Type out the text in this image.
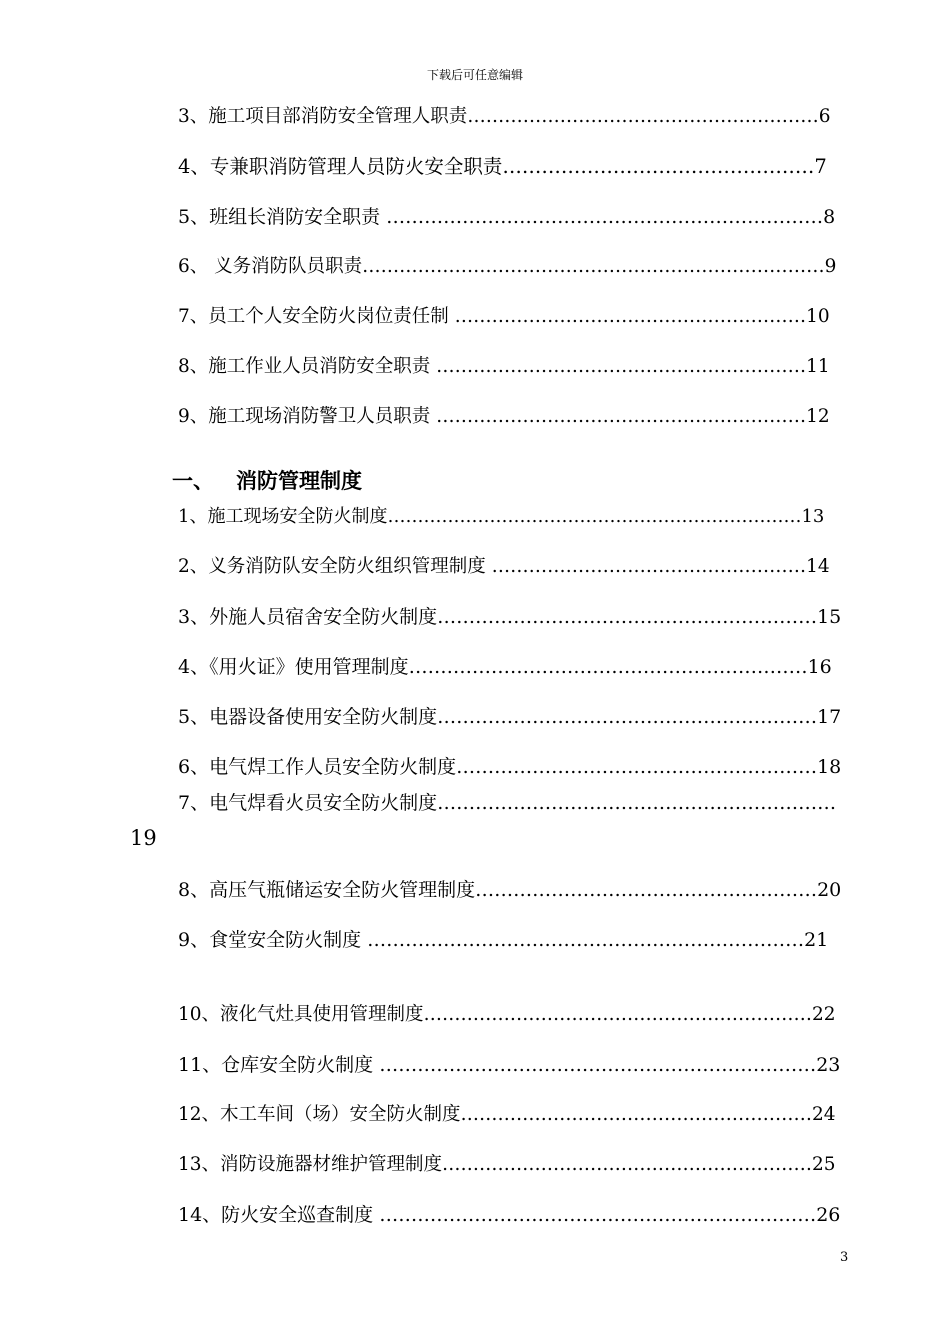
下载后可任意编辑
3、施工项目部消防安全管理人职责…………………………………………………6
4、专兼职消防管理人员防火安全职责…………………………………………7
5、班组长消防安全职责 ……………………………………………………………8
6、 义务消防队员职责…………………………………………………………………9
7、员工个人安全防火岗位责任制 …………………………………………………10
8、施工作业人员消防安全职责 ……………………………………………………11
9、施工现场消防警卫人员职责 ……………………………………………………12
一、 消防管理制度
1、施工现场安全防火制度……………………………………………………………13
2、义务消防队安全防火组织管理制度 ……………………………………………14
3、外施人员宿舍安全防火制度……………………………………………………15
4、《用火证》使用管理制度………………………………………………………16
5、电器设备使用安全防火制度……………………………………………………17
6、电气焊工作人员安全防火制度…………………………………………………18
7、电气焊看火员安全防火制度………………………………………………………
19
8、高压气瓶储运安全防火管理制度………………………………………………20
9、食堂安全防火制度 ……………………………………………………………21
10、液化气灶具使用管理制度………………………………………………………22
11、仓库安全防火制度 ……………………………………………………………23
12、木工车间（场）安全防火制度…………………………………………………24
13、消防设施器材维护管理制度……………………………………………………25
14、防火安全巡查制度 ……………………………………………………………26
3
